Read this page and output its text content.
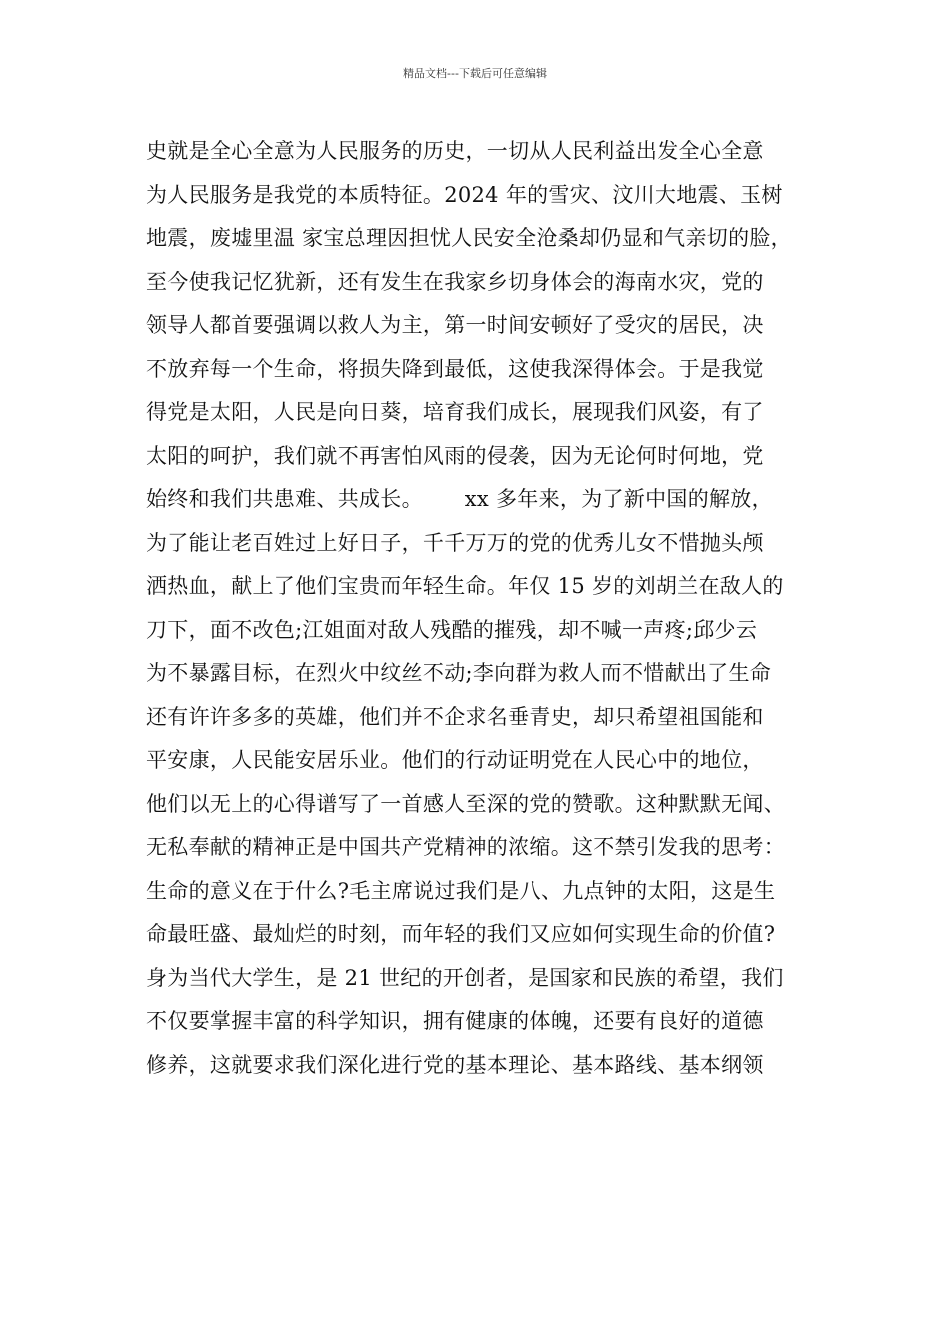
精品文档---下载后可任意编辑
史就是全心全意为人民服务的历史，一切从人民利益出发全心全意
为人民服务是我党的本质特征。2024 年的雪灾、汶川大地震、玉树
地震，废墟里温 家宝总理因担忧人民安全沧桑却仍显和气亲切的脸，
至今使我记忆犹新，还有发生在我家乡切身体会的海南水灾，党的
领导人都首要强调以救人为主，第一时间安顿好了受灾的居民，决
不放弃每一个生命，将损失降到最低，这使我深得体会。于是我觉
得党是太阳，人民是向日葵，培育我们成长，展现我们风姿，有了
太阳的呵护，我们就不再害怕风雨的侵袭，因为无论何时何地，党
始终和我们共患难、共成长。      xx 多年来，为了新中国的解放，
为了能让老百姓过上好日子，千千万万的党的优秀儿女不惜抛头颅
洒热血，献上了他们宝贵而年轻生命。年仅 15 岁的刘胡兰在敌人的
刀下，面不改色;江姐面对敌人残酷的摧残，却不喊一声疼;邱少云
为不暴露目标，在烈火中纹丝不动;李向群为救人而不惜献出了生命
还有许许多多的英雄，他们并不企求名垂青史，却只希望祖国能和
平安康，人民能安居乐业。他们的行动证明党在人民心中的地位，
他们以无上的心得谱写了一首感人至深的党的赞歌。这种默默无闻、
无私奉献的精神正是中国共产党精神的浓缩。这不禁引发我的思考：
生命的意义在于什么?毛主席说过我们是八、九点钟的太阳，这是生
命最旺盛、最灿烂的时刻，而年轻的我们又应如何实现生命的价值?
身为当代大学生，是 21 世纪的开创者，是国家和民族的希望，我们
不仅要掌握丰富的科学知识，拥有健康的体魄，还要有良好的道德
修养，这就要求我们深化进行党的基本理论、基本路线、基本纲领
